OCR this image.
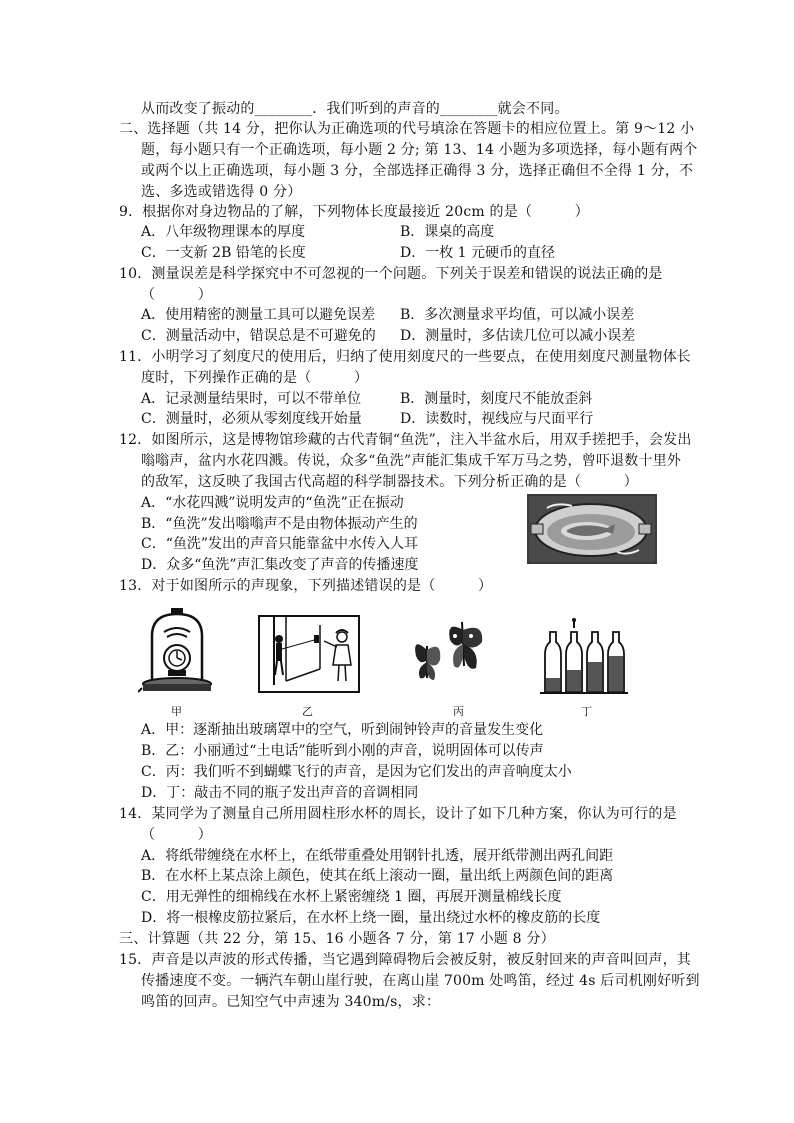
从而改变了振动的________．我们听到的声音的________就会不同。
二、选择题（共 14 分，把你认为正确选项的代号填涂在答题卡的相应位置上。第 9～12 小
题，每小题只有一个正确选项，每小题 2 分; 第 13、14 小题为多项选择，每小题有两个
或两个以上正确选项，每小题 3 分，全部选择正确得 3 分，选择正确但不全得 1 分，不
选、多选或错选得 0 分）
9．根据你对身边物品的了解，下列物体长度最接近 20cm 的是（　　　）
A．八年级物理课本的厚度	B．课桌的高度
C．一支新 2B 铅笔的长度	D．一枚 1 元硬币的直径
10．测量误差是科学探究中不可忽视的一个问题。下列关于误差和错误的说法正确的是
（　　　）
A．使用精密的测量工具可以避免误差 B．多次测量求平均值，可以减小误差
C．测量活动中，错误总是不可避免的 D．测量时，多估读几位可以减小误差
11．小明学习了刻度尺的使用后，归纳了使用刻度尺的一些要点，在使用刻度尺测量物体长
度时，下列操作正确的是（　　　）
A．记录测量结果时，可以不带单位	B．测量时，刻度尺不能放歪斜
C．测量时，必须从零刻度线开始量	D．读数时，视线应与尺面平行
12．如图所示，这是博物馆珍藏的古代青铜“鱼洗”，注入半盆水后，用双手搓把手，会发出
嗡嗡声，盆内水花四溅。传说，众多“鱼洗”声能汇集成千军万马之势，曾吓退数十里外
的敌军，这反映了我国古代高超的科学制器技术。下列分析正确的是（　　　）
A．“水花四溅”说明发声的“鱼洗”正在振动
B．“鱼洗”发出嗡嗡声不是由物体振动产生的
C．“鱼洗”发出的声音只能靠盆中水传入人耳
D．众多“鱼洗”声汇集改变了声音的传播速度
13．对于如图所示的声现象，下列描述错误的是（　　　）
甲	乙	丙	丁
A．甲：逐渐抽出玻璃罩中的空气，听到闹钟铃声的音量发生变化
B．乙：小丽通过“土电话”能听到小刚的声音，说明固体可以传声
C．丙：我们听不到蝴蝶飞行的声音，是因为它们发出的声音响度太小
D．丁：敲击不同的瓶子发出声音的音调相同
14．某同学为了测量自己所用圆柱形水杯的周长，设计了如下几种方案，你认为可行的是
（　　　）
A．将纸带缠绕在水杯上，在纸带重叠处用钢针扎透，展开纸带测出两孔间距
B．在水杯上某点涂上颜色，使其在纸上滚动一圈，量出纸上两颜色间的距离
C．用无弹性的细棉线在水杯上紧密缠绕 1 圈，再展开测量棉线长度
D．将一根橡皮筋拉紧后，在水杯上绕一圈，量出绕过水杯的橡皮筋的长度
三、计算题（共 22 分，第 15、16 小题各 7 分，第 17 小题 8 分）
15．声音是以声波的形式传播，当它遇到障碍物后会被反射，被反射回来的声音叫回声，其
传播速度不变。一辆汽车朝山崖行驶，在离山崖 700m 处鸣笛，经过 4s 后司机刚好听到
鸣笛的回声。已知空气中声速为 340m/s，求：
